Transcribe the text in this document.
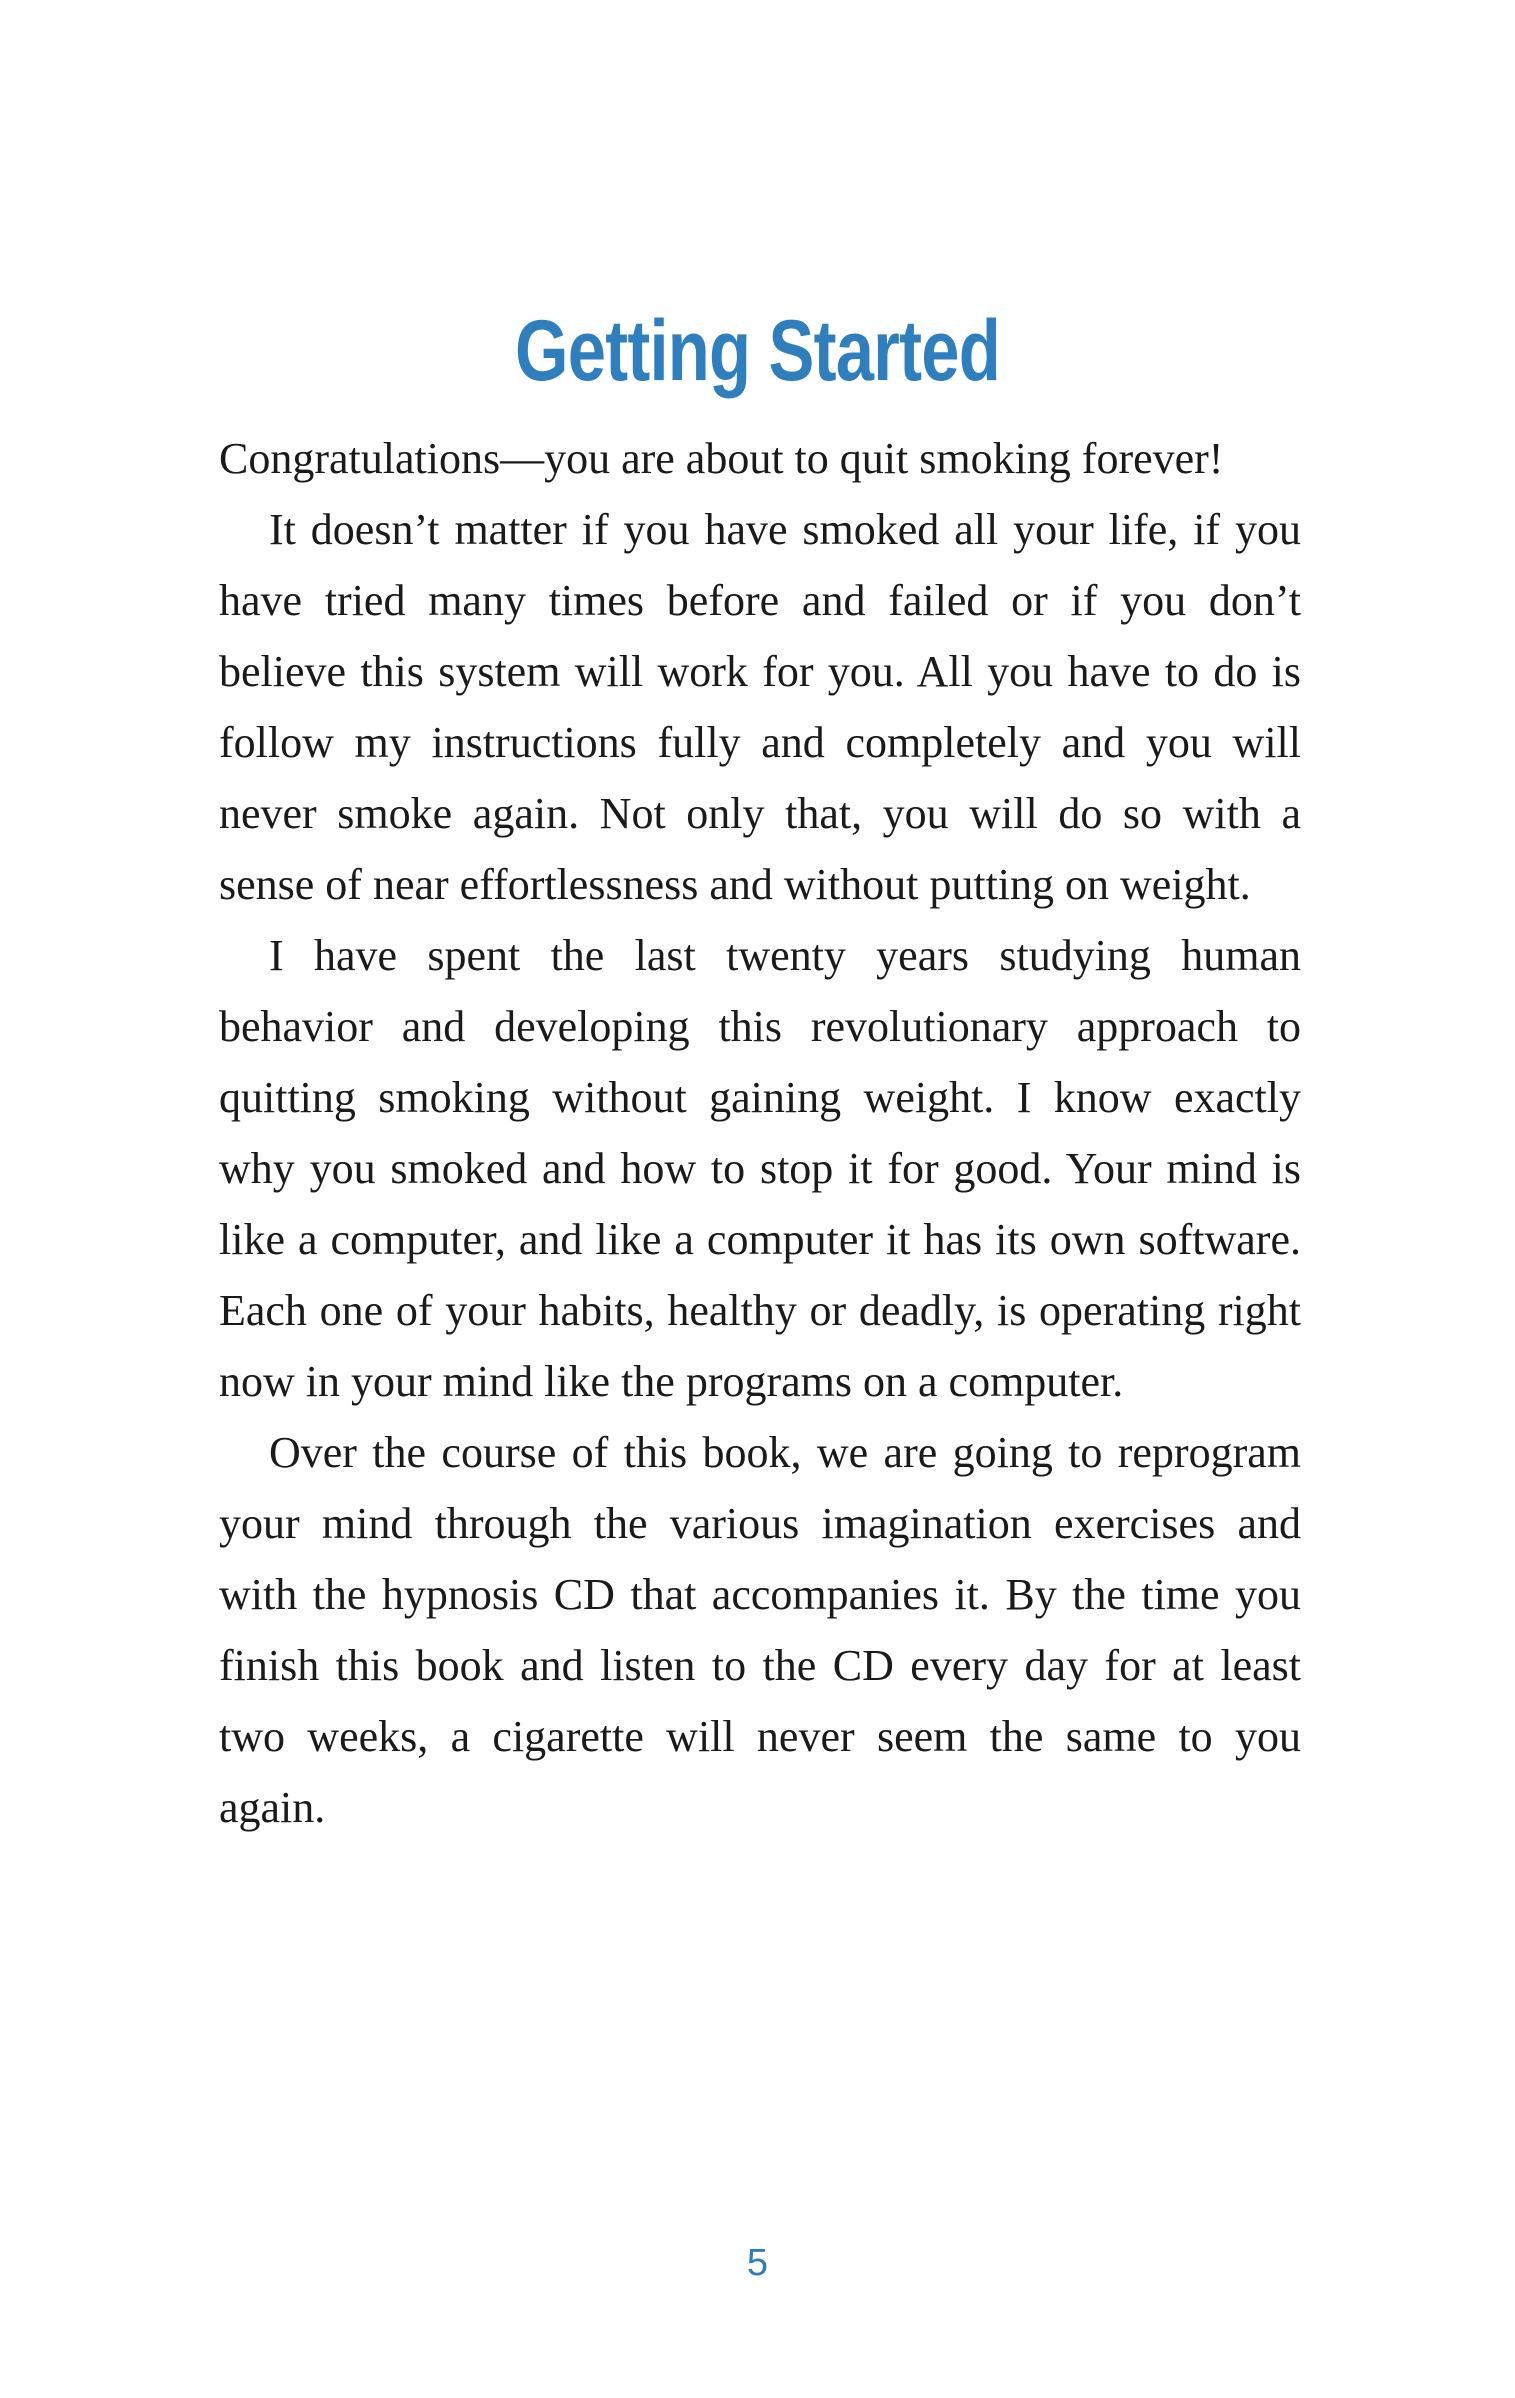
Getting Started

Congratulations—you are about to quit smoking forever!

It doesn’t matter if you have smoked all your life, if you have tried many times before and failed or if you don’t believe this system will work for you. All you have to do is follow my instructions fully and completely and you will never smoke again. Not only that, you will do so with a sense of near effortlessness and without putting on weight.

I have spent the last twenty years studying human behavior and developing this revolutionary approach to quitting smoking without gaining weight. I know exactly why you smoked and how to stop it for good. Your mind is like a computer, and like a computer it has its own software. Each one of your habits, healthy or deadly, is operating right now in your mind like the programs on a computer.

Over the course of this book, we are going to reprogram your mind through the various imagination exercises and with the hypnosis CD that accompanies it. By the time you finish this book and listen to the CD every day for at least two weeks, a cigarette will never seem the same to you again.

5
